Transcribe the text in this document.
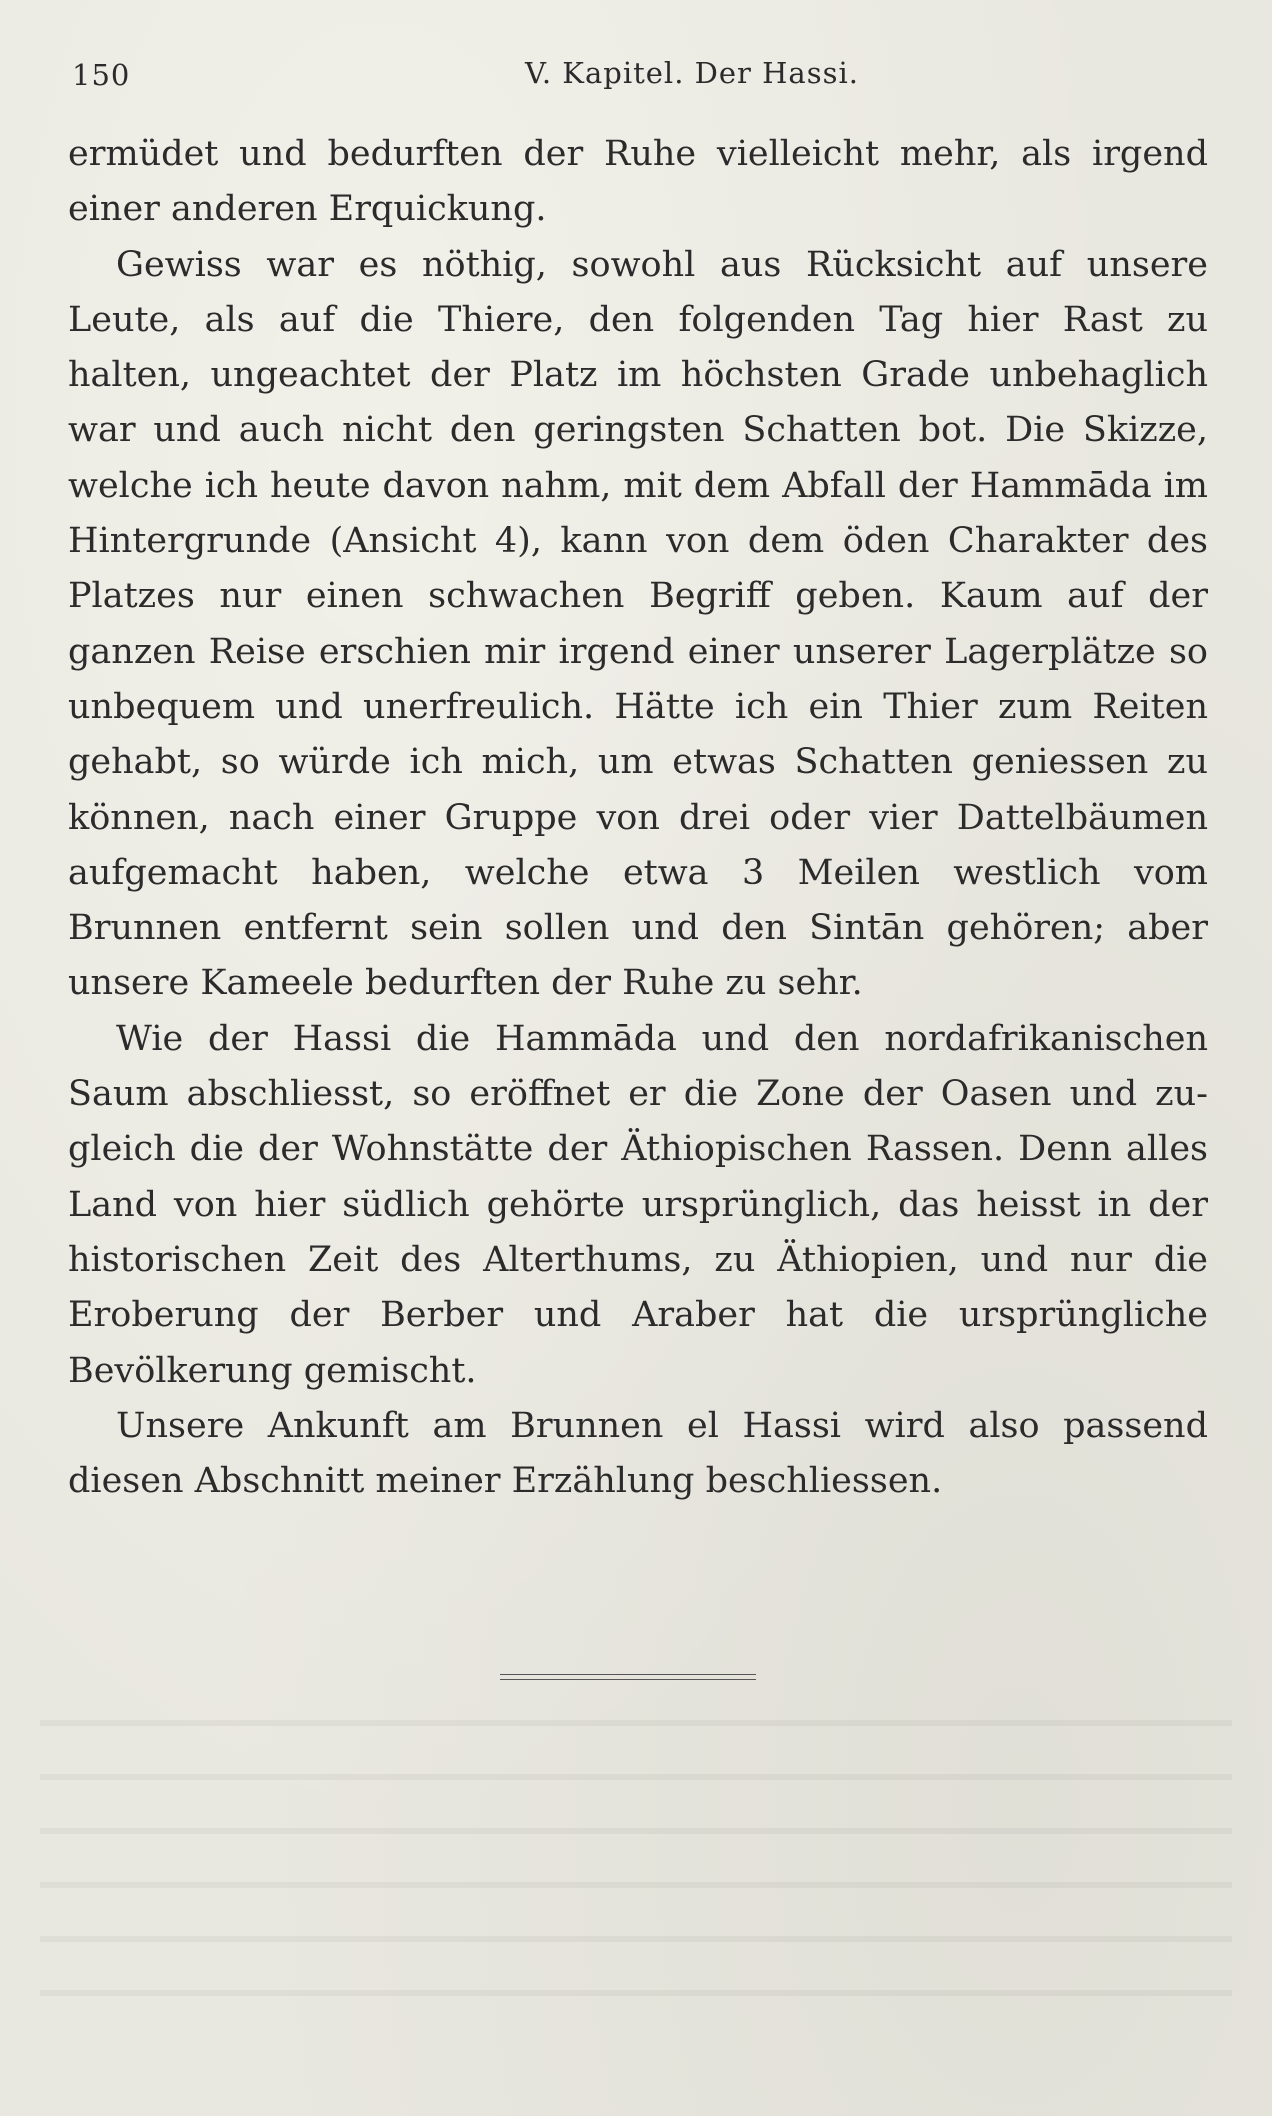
150	V. Kapitel. Der Hassi.

ermüdet und bedurften der Ruhe vielleicht mehr, als irgend einer anderen Erquickung.

Gewiss war es nöthig, sowohl aus Rücksicht auf unsere Leute, als auf die Thiere, den folgenden Tag hier Rast zu halten, ungeachtet der Platz im höchsten Grade unbehaglich war und auch nicht den geringsten Schatten bot. Die Skizze, welche ich heute davon nahm, mit dem Abfall der Hammāda im Hintergrunde (Ansicht 4), kann von dem öden Charakter des Platzes nur einen schwachen Begriff geben. Kaum auf der ganzen Reise erschien mir irgend einer unserer Lagerplätze so unbequem und unerfreulich. Hätte ich ein Thier zum Reiten gehabt, so würde ich mich, um etwas Schatten geniessen zu können, nach einer Gruppe von drei oder vier Dattelbäumen aufgemacht haben, welche etwa 3 Meilen westlich vom Brunnen entfernt sein sollen und den Sintān gehören; aber unsere Kameele bedurften der Ruhe zu sehr.

Wie der Hassi die Hammāda und den nordafrikanischen Saum abschliesst, so eröffnet er die Zone der Oasen und zugleich die der Wohnstätte der Äthiopischen Rassen. Denn alles Land von hier südlich gehörte ursprünglich, das heisst in der historischen Zeit des Alterthums, zu Äthiopien, und nur die Eroberung der Berber und Araber hat die ursprüngliche Bevölkerung gemischt.

Unsere Ankunft am Brunnen el Hassi wird also passend diesen Abschnitt meiner Erzählung beschliessen.
